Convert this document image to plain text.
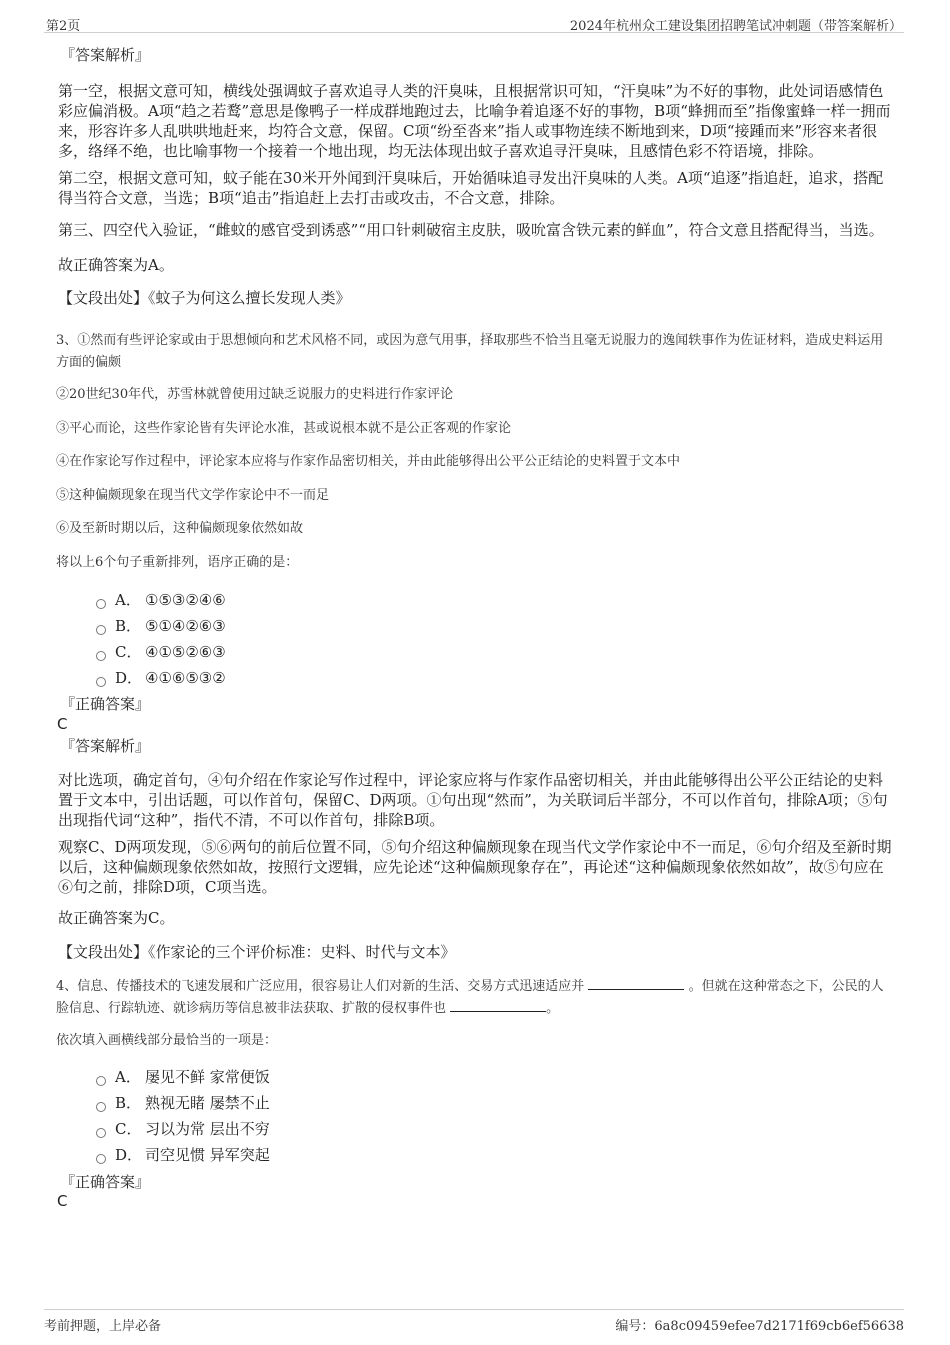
第2页	2024年杭州众工建设集团招聘笔试冲刺题（带答案解析）
『答案解析』
第一空，根据文意可知，横线处强调蚊子喜欢追寻人类的汗臭味，且根据常识可知，“汗臭味”为不好的事物，此处词语感情色彩应偏消极。A项“趋之若鹜”意思是像鸭子一样成群地跑过去，比喻争着追逐不好的事物，B项“蜂拥而至”指像蜜蜂一样一拥而来，形容许多人乱哄哄地赶来，均符合文意，保留。C项“纷至沓来”指人或事物连续不断地到来，D项“接踵而来”形容来者很多，络绎不绝，也比喻事物一个接着一个地出现，均无法体现出蚊子喜欢追寻汗臭味，且感情色彩不符语境，排除。
第二空，根据文意可知，蚊子能在30米开外闻到汗臭味后，开始循味追寻发出汗臭味的人类。A项“追逐”指追赶，追求，搭配得当符合文意，当选；B项“追击”指追赶上去打击或攻击，不合文意，排除。
第三、四空代入验证，“雌蚊的感官受到诱惑”“用口针刺破宿主皮肤，吸吮富含铁元素的鲜血”，符合文意且搭配得当，当选。
故正确答案为A。
【文段出处】《蚊子为何这么擅长发现人类》
3、①然而有些评论家或由于思想倾向和艺术风格不同，或因为意气用事，择取那些不恰当且毫无说服力的逸闻轶事作为佐证材料，造成史料运用方面的偏颇
②20世纪30年代，苏雪林就曾使用过缺乏说服力的史料进行作家评论
③平心而论，这些作家论皆有失评论水准，甚或说根本就不是公正客观的作家论
④在作家论写作过程中，评论家本应将与作家作品密切相关，并由此能够得出公平公正结论的史料置于文本中
⑤这种偏颇现象在现当代文学作家论中不一而足
⑥及至新时期以后，这种偏颇现象依然如故
将以上6个句子重新排列，语序正确的是：
A． ①⑤③②④⑥
B． ⑤①④②⑥③
C． ④①⑤②⑥③
D． ④①⑥⑤③②
『正确答案』
C
『答案解析』
对比选项，确定首句，④句介绍在作家论写作过程中，评论家应将与作家作品密切相关，并由此能够得出公平公正结论的史料置于文本中，引出话题，可以作首句，保留C、D两项。①句出现“然而”，为关联词后半部分，不可以作首句，排除A项；⑤句出现指代词“这种”，指代不清，不可以作首句，排除B项。
观察C、D两项发现，⑤⑥两句的前后位置不同，⑤句介绍这种偏颇现象在现当代文学作家论中不一而足，⑥句介绍及至新时期以后，这种偏颇现象依然如故，按照行文逻辑，应先论述“这种偏颇现象存在”，再论述“这种偏颇现象依然如故”，故⑤句应在⑥句之前，排除D项，C项当选。
故正确答案为C。
【文段出处】《作家论的三个评价标准：史料、时代与文本》
4、信息、传播技术的飞速发展和广泛应用，很容易让人们对新的生活、交易方式迅速适应并	。但就在这种常态之下，公民的人脸信息、行踪轨迹、就诊病历等信息被非法获取、扩散的侵权事件也	。
依次填入画横线部分最恰当的一项是：
A． 屡见不鲜 家常便饭
B． 熟视无睹 屡禁不止
C． 习以为常 层出不穷
D． 司空见惯 异军突起
『正确答案』
C
考前押题，上岸必备	编号：6a8c09459efee7d2171f69cb6ef56638
